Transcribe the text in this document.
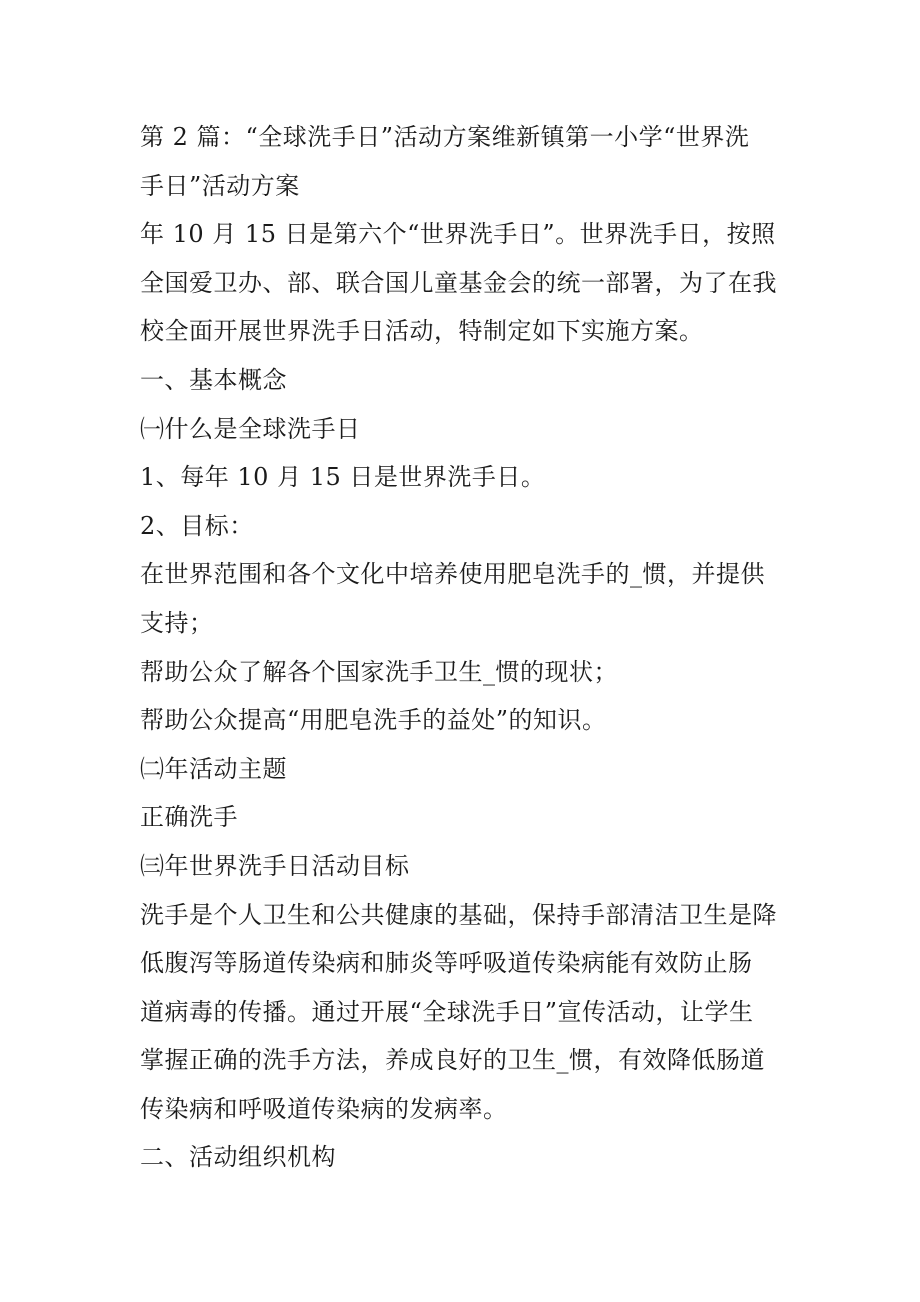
第 2 篇：“全球洗手日”活动方案维新镇第一小学“世界洗
手日”活动方案
年 10 月 15 日是第六个“世界洗手日”。世界洗手日，按照
全国爱卫办、部、联合国儿童基金会的统一部署，为了在我
校全面开展世界洗手日活动，特制定如下实施方案。
一、基本概念
㈠什么是全球洗手日
1、每年 10 月 15 日是世界洗手日。
2、目标：
在世界范围和各个文化中培养使用肥皂洗手的_惯，并提供
支持；
帮助公众了解各个国家洗手卫生_惯的现状；
帮助公众提高“用肥皂洗手的益处”的知识。
㈡年活动主题
正确洗手
㈢年世界洗手日活动目标
洗手是个人卫生和公共健康的基础，保持手部清洁卫生是降
低腹泻等肠道传染病和肺炎等呼吸道传染病能有效防止肠
道病毒的传播。通过开展“全球洗手日”宣传活动，让学生
掌握正确的洗手方法，养成良好的卫生_惯，有效降低肠道
传染病和呼吸道传染病的发病率。
二、活动组织机构
